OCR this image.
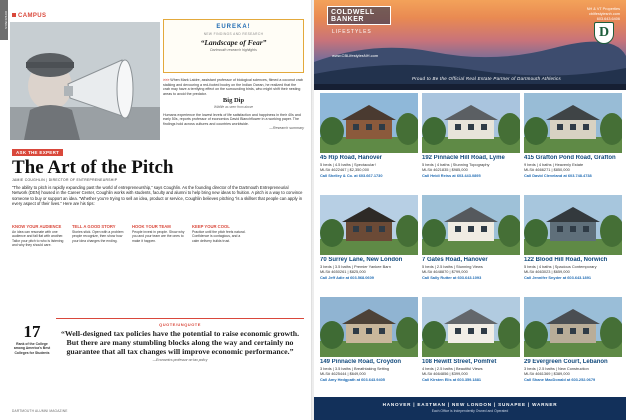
OPENINGS	CAMPUS
ASK THE EXPERT
The Art of the Pitch
JAMIE COUGHLIN | DIRECTOR OF ENTREPRENEURSHIP
“The ability to pitch is rapidly expanding past the world of entrepreneurship,” says Coughlin. As the founding director of the Dartmouth Entrepreneurial Network (DEN) housed in the Career Center, Coughlin works with students, faculty and alumni to help bring new ideas to fruition. A pitch is a way to convince someone to buy or support an idea. “Whether you’re trying to sell an idea, product or service, Coughlin believes pitching “is a skillset that people can apply in every aspect of their lives.” Here are his tips:
KNOW YOUR AUDIENCE
An idea can resonate with one audience and fall flat with another. Tailor your pitch to who is listening and why they should care.
TELL A GOOD STORY
Stories stick. Open with a problem people recognize, then show how your idea changes the ending.
HOOK YOUR TEAM
People invest in people. Show why you and your team are the ones to make it happen.
KEEP YOUR COOL
Practice until the pitch feels natural. Confidence is contagious, and a calm delivery builds trust.
17
Rank of the College among America’s Best Colleges for Students
QUOTE/UNQUOTE
“Well-designed tax policies have the potential to raise economic growth. But there are many stumbling blocks along the way and certainly no guarantee that all tax changes will improve economic performance.”
—Economics professor on tax policy
DARTMOUTH ALUMNI MAGAZINE
EUREKA!
NEW FINDINGS AND RESEARCH
“Landscape of Fear”
Dartmouth research highlights
>>> When Mark Laidre, assistant professor of biological sciences, filmed a coconut crab stalking and devouring a red-footed booby on the Indian Ocean, he realized that the crab may have a terrifying effect on the surrounding birds, who might shift their nesting areas to avoid the predator.
Big Dip
Wildlife as seen from above
Humans experience the lowest levels of life satisfaction and happiness in their 40s and early 50s, reports professor of economics David Blanchflower in a working paper. The findings hold across cultures and countries worldwide.
—Research summary
COLDWELL
BANKER
LIFESTYLES
www.CBLifestylesNH.com
NH & VT Properties
cblifestylesnh.com
603.643.6406
D
Proud to Be the Official Real Estate Partner of Dartmouth Athletics
45 Rip Road, Hanover
5 beds | 4.5 baths | Spectacular!
MLS# 4622467 | $2,350,000
Call Shelley & Co. at 603.667.1730
192 Pinnacle Hill Road, Lyme
5 beds | 4 baths | Stunning Topography
MLS# 4621835 | $985,000
Call Heidi Reiss at 603.443.0895
415 Grafton Pond Road, Grafton
9 beds | 4 baths | Heavenly Estate
MLS# 4666271 | $850,000
Call David Cleveland at 603.748.4738
70 Surrey Lane, New London
3 beds | 3.5 baths | Premier Yankee Barn
MLS# 4650261 | $825,000
Call Jeff Adie at 603.568.0609
7 Gates Road, Hanover
5 beds | 2.5 baths | Stunning Views
MLS# 4648870 | $799,000
Call Sally Rutter at 603.643.1093
122 Blood Hill Road, Norwich
5 beds | 4 baths | Spacious Contemporary
MLS# 4663023 | $659,000
Call Jennifer Snyder at 603.643.1891
149 Pinnacle Road, Croydon
3 beds | 3.5 baths | Breathtaking Setting
MLS# 4625444 | $649,000
Call Amy Hedgpath at 603.643.9405
108 Hewitt Street, Pomfret
4 beds | 2.5 baths | Beautiful Views
MLS# 4664856 | $399,000
Call Kirsten Elis at 603.359.1881
29 Evergreen Court, Lebanon
3 beds | 2.5 baths | New Construction
MLS# 4661369 | $389,000
Call Shane MacDonald at 603.252.0679
HANOVER | EASTMAN | NEW LONDON | SUNAPEE | WARNER
Each Office is Independently Owned and Operated
